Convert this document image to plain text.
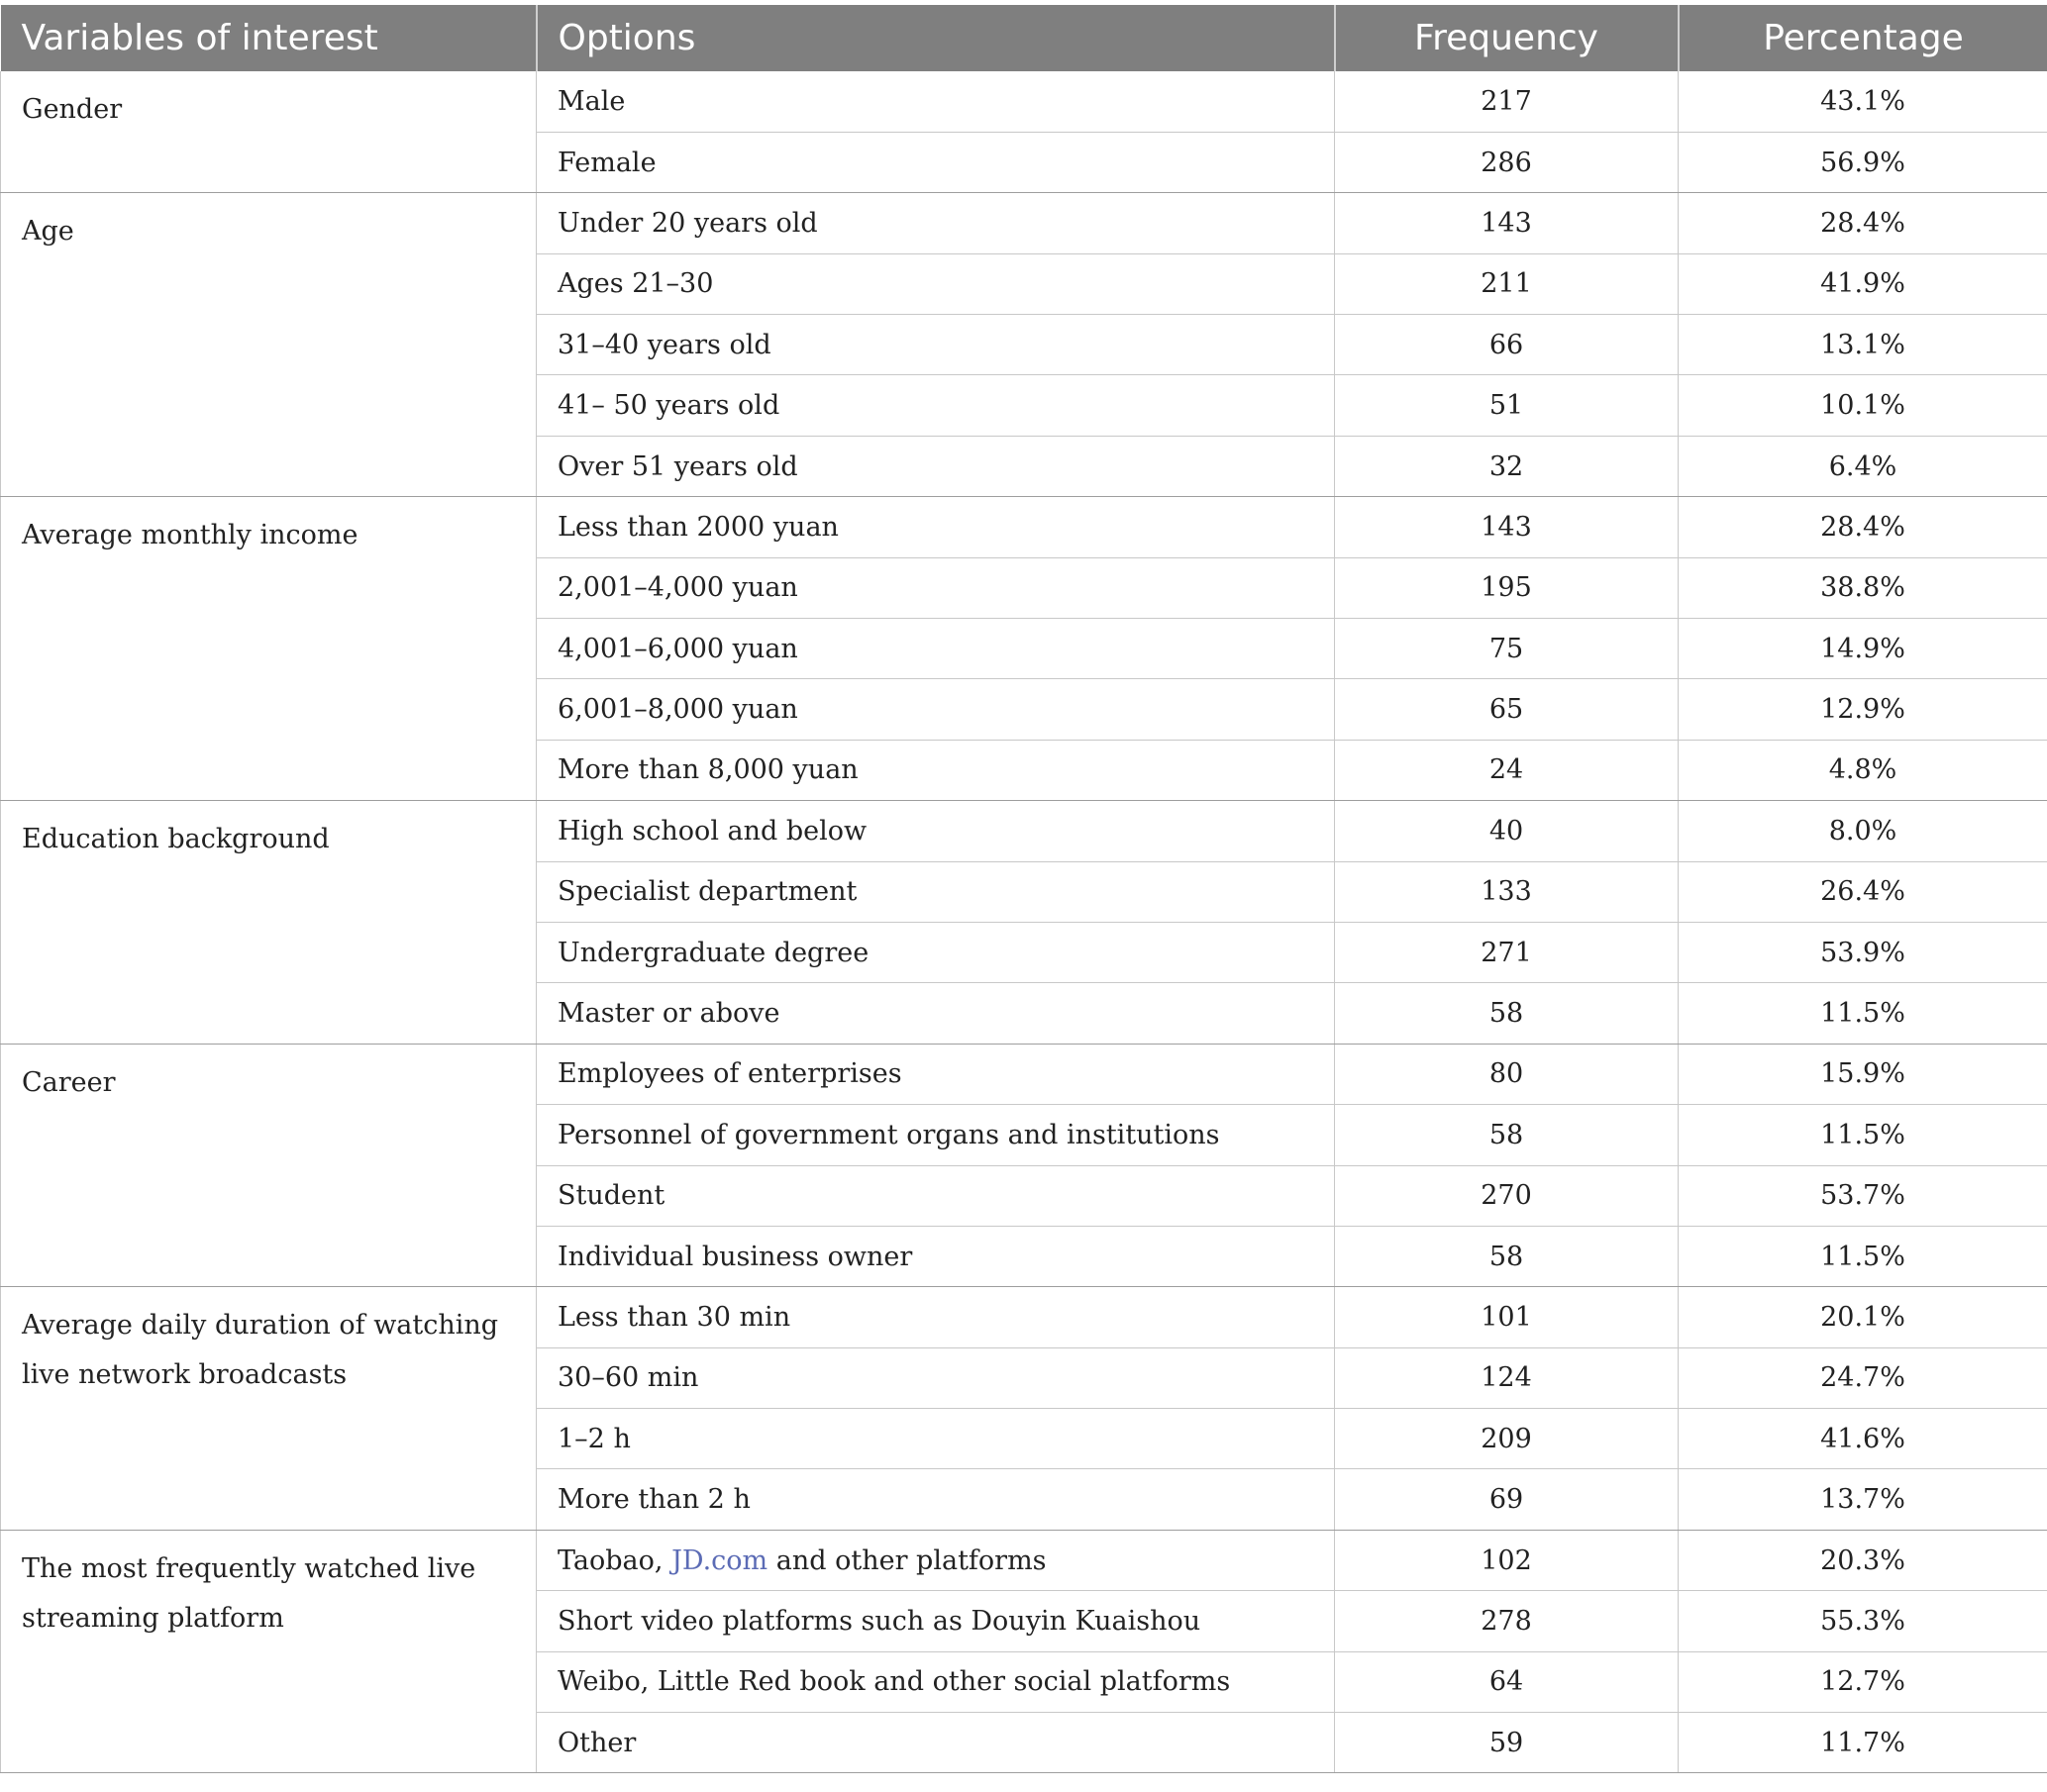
Variables of interest	Options	Frequency	Percentage
Gender	Male	217	43.1%
	Female	286	56.9%
Age	Under 20 years old	143	28.4%
	Ages 21–30	211	41.9%
	31–40 years old	66	13.1%
	41– 50 years old	51	10.1%
	Over 51 years old	32	6.4%
Average monthly income	Less than 2000 yuan	143	28.4%
	2,001–4,000 yuan	195	38.8%
	4,001–6,000 yuan	75	14.9%
	6,001–8,000 yuan	65	12.9%
	More than 8,000 yuan	24	4.8%
Education background	High school and below	40	8.0%
	Specialist department	133	26.4%
	Undergraduate degree	271	53.9%
	Master or above	58	11.5%
Career	Employees of enterprises	80	15.9%
	Personnel of government organs and institutions	58	11.5%
	Student	270	53.7%
	Individual business owner	58	11.5%
Average daily duration of watching live network broadcasts	Less than 30 min	101	20.1%
	30–60 min	124	24.7%
	1–2 h	209	41.6%
	More than 2 h	69	13.7%
The most frequently watched live streaming platform	Taobao, JD.com and other platforms	102	20.3%
	Short video platforms such as Douyin Kuaishou	278	55.3%
	Weibo, Little Red book and other social platforms	64	12.7%
	Other	59	11.7%
